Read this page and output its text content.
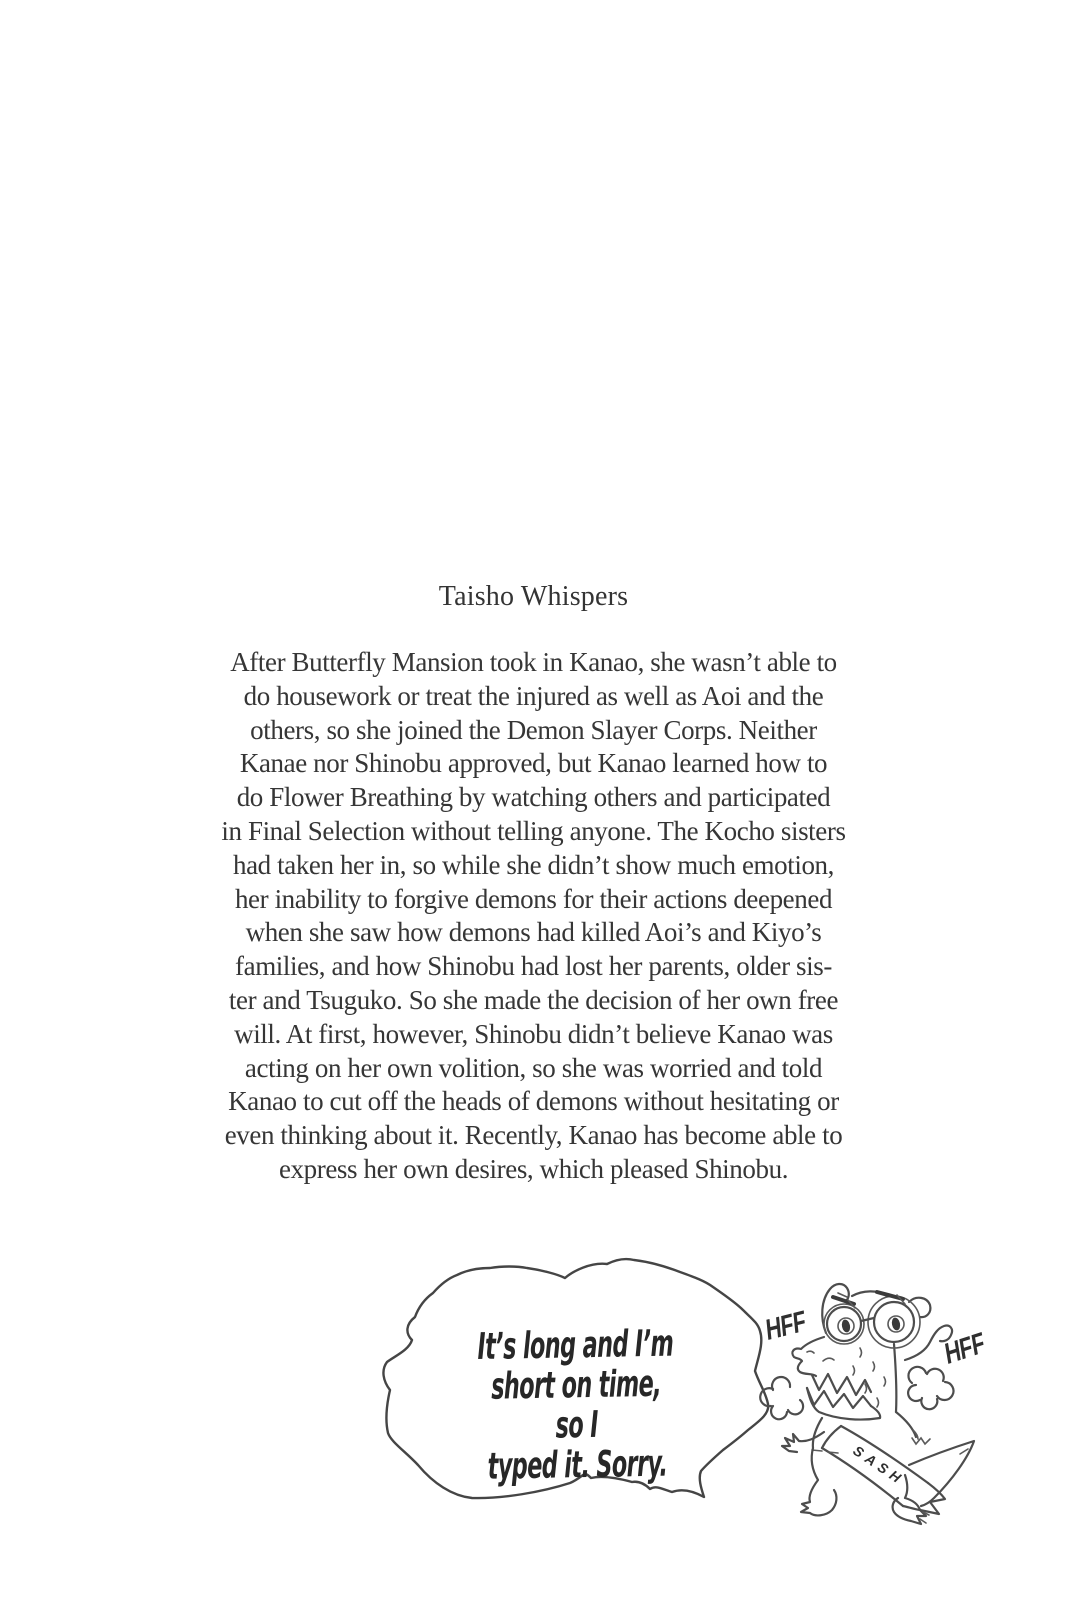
Taisho Whispers
After Butterfly Mansion took in Kanao, she wasn’t able to
do housework or treat the injured as well as Aoi and the
others, so she joined the Demon Slayer Corps. Neither
Kanae nor Shinobu approved, but Kanao learned how to
do Flower Breathing by watching others and participated
in Final Selection without telling anyone. The Kocho sisters
had taken her in, so while she didn’t show much emotion,
her inability to forgive demons for their actions deepened
when she saw how demons had killed Aoi’s and Kiyo’s
families, and how Shinobu had lost her parents, older sis-
ter and Tsuguko. So she made the decision of her own free
will. At first, however, Shinobu didn’t believe Kanao was
acting on her own volition, so she was worried and told
Kanao to cut off the heads of demons without hesitating or
even thinking about it. Recently, Kanao has become able to
express her own desires, which pleased Shinobu.
SASH
HFF
HFF
It’s long and I’m
short on time, so I
typed it. Sorry.
